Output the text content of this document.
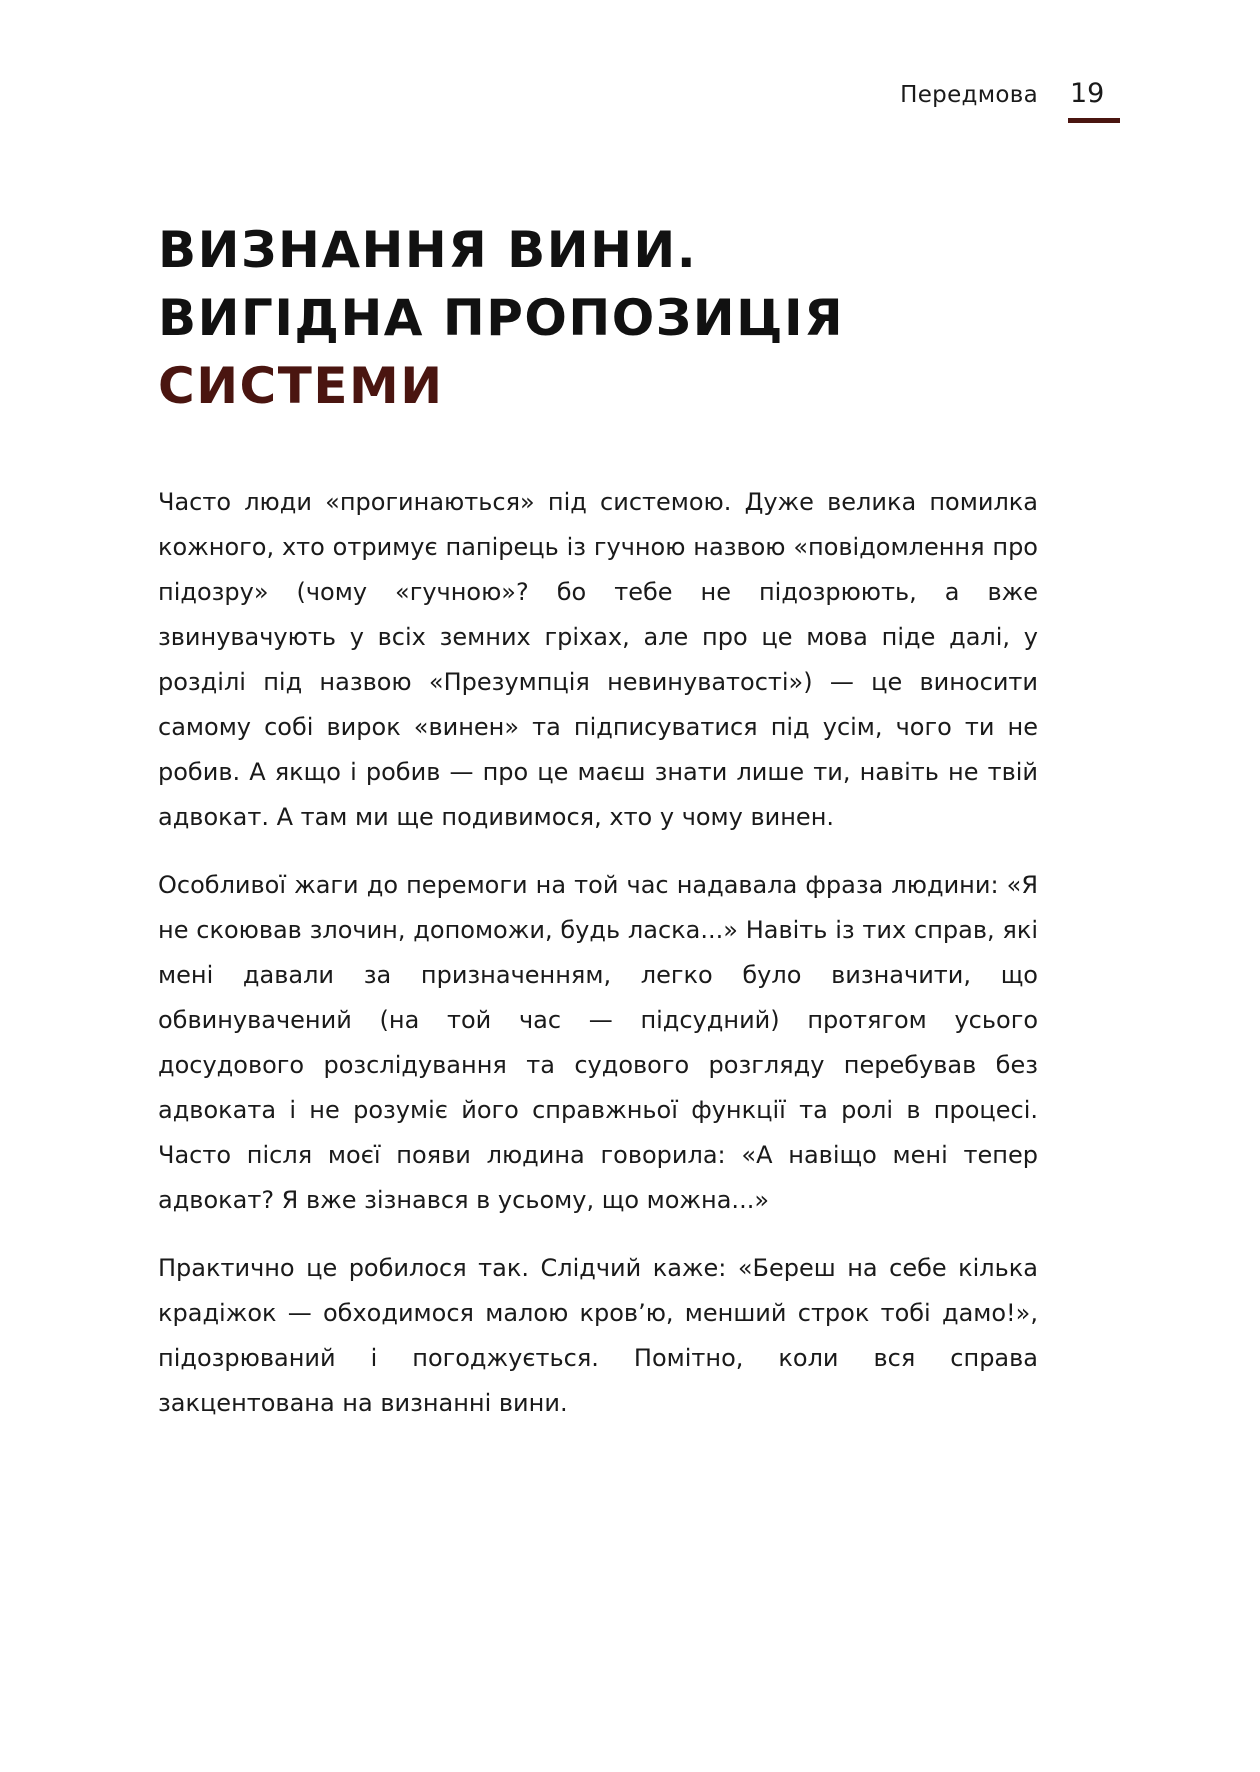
Передмова 19
ВИЗНАННЯ ВИНИ.
ВИГІДНА ПРОПОЗИЦІЯ
СИСТЕМИ

Часто люди «прогинаються» під системою. Дуже велика помилка кожного, хто отримує папірець із гучною назвою «повідомлення про підозру» (чому «гучною»? бо тебе не підозрюють, а вже звинувачують у всіх земних гріхах, але про це мова піде далі, у розділі під назвою «Презумпція невинуватості») — це виносити самому собі вирок «винен» та підписуватися під усім, чого ти не робив. А якщо і робив — про це маєш знати лише ти, навіть не твій адвокат. А там ми ще подивимося, хто у чому винен.

Особливої жаги до перемоги на той час надавала фраза людини: «Я не скоював злочин, допоможи, будь ласка...» Навіть із тих справ, які мені давали за призначенням, легко було визначити, що обвинувачений (на той час — підсудний) протягом усього досудового розслідування та судового розгляду перебував без адвоката і не розуміє його справжньої функції та ролі в процесі. Часто після моєї появи людина говорила: «А навіщо мені тепер адвокат? Я вже зізнався в усьому, що можна...»

Практично це робилося так. Слідчий каже: «Береш на себе кілька крадіжок — обходимося малою кров’ю, менший строк тобі дамо!», підозрюваний і погоджується. Помітно, коли вся справа закцентована на визнанні вини.
